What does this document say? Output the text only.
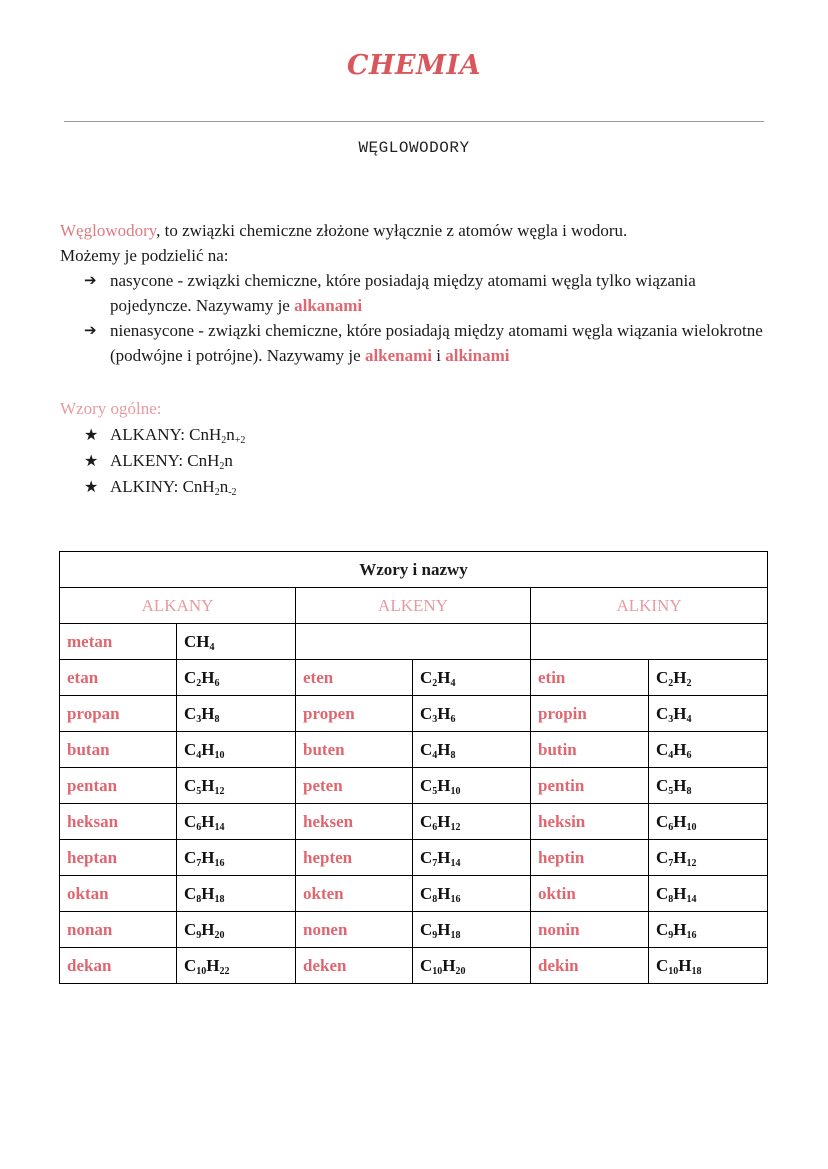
CHEMIA
WĘGLOWODORY
Węglowodory, to związki chemiczne złożone wyłącznie z atomów węgla i wodoru.
Możemy je podzielić na:
➔ nasycone - związki chemiczne, które posiadają między atomami węgla tylko wiązania pojedyncze. Nazywamy je alkanami
➔ nienasycone - związki chemiczne, które posiadają między atomami węgla wiązania wielokrotne (podwójne i potrójne). Nazywamy je alkenami i alkinami
Wzory ogólne:
★ ALKANY: $CnH_2n_{+2}$
★ ALKENY: CnH$_2$n
★ ALKINY: $CnH_2n_{-2}$
Wzory i nazwy					
ALKANY		ALKENY		ALKINY	
metan	$CH_4$		
etan	$C_2H_6$	eten	$C_2H_4$	etin	$C_2H_2$
propan	$C_3H_8$	propen	$C_3H_6$	propin	$C_3H_4$
butan	$C_4H_{10}$	buten	$C_4H_8$	butin	$C_4H_6$
pentan	$C_5H_{12}$	peten	$C_5H_{10}$	pentin	$C_5H_8$
heksan	$C_6H_{14}$	heksen	$C_6H_{12}$	heksin	$C_6H_{10}$
heptan	$C_7H_{16}$	hepten	$C_7H_{14}$	heptin	$C_7H_{12}$
oktan	$C_8H_{18}$	okten	$C_8H_{16}$	oktin	$C_8H_{14}$
nonan	$C_9H_{20}$	nonen	$C_9H_{18}$	nonin	$C_9H_{16}$
dekan	$C_{10}H_{22}$	deken	$C_{10}H_{20}$	dekin	$C_{10}H_{18}$
